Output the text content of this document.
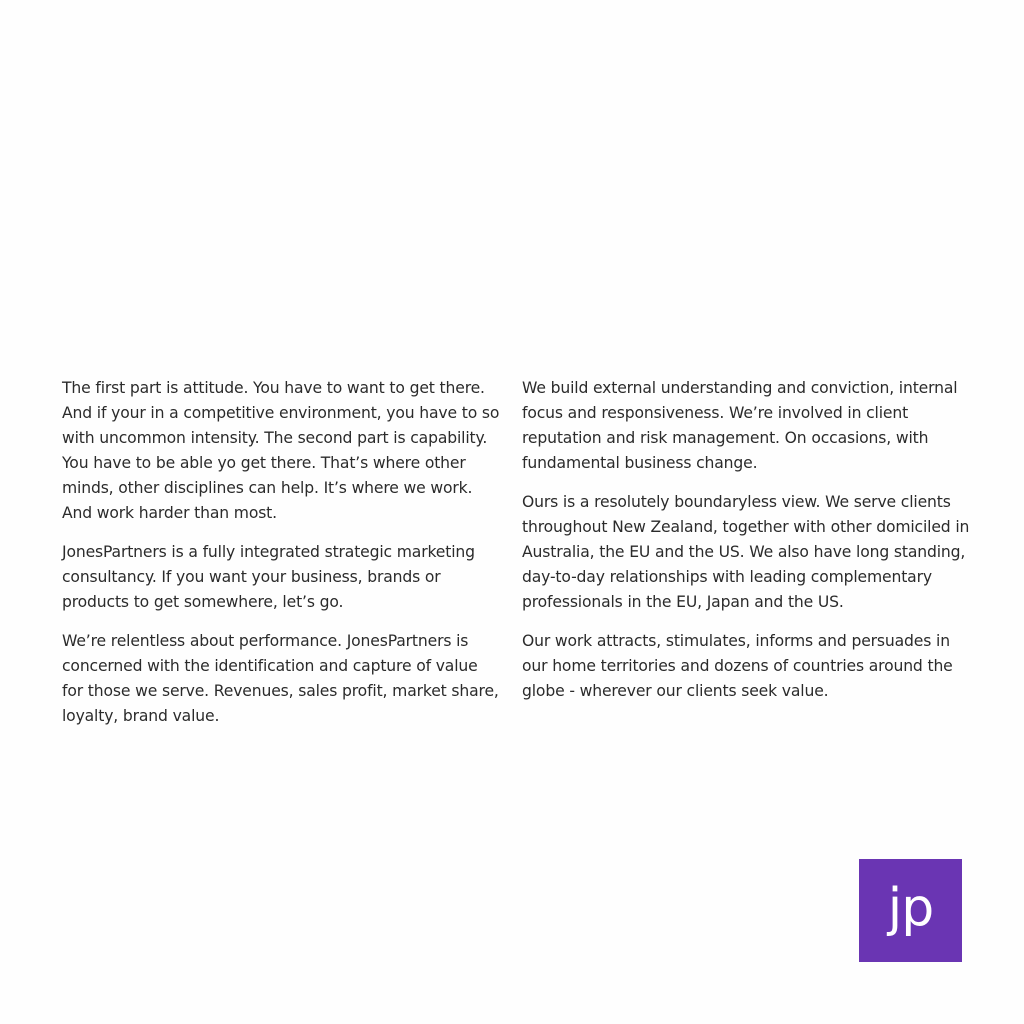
The first part is attitude. You have to want to get there. And if your in a competitive environment, you have to so with uncommon intensity. The second part is capability. You have to be able yo get there. That’s where other minds, other disciplines can help. It’s where we work. And work harder than most.

JonesPartners is a fully integrated strategic marketing consultancy. If you want your business, brands or products to get somewhere, let’s go.

We’re relentless about performance. JonesPartners is concerned with the identification and capture of value for those we serve. Revenues, sales profit, market share, loyalty, brand value.

We build external understanding and conviction, internal focus and responsiveness. We’re involved in client reputation and risk management. On occasions, with fundamental business change.

Ours is a resolutely boundaryless view. We serve clients throughout New Zealand, together with other domiciled in Australia, the EU and the US. We also have long standing, day-to-day relationships with leading complementary professionals in the EU, Japan and the US.

Our work attracts, stimulates, informs and persuades in our home territories and dozens of countries around the globe - wherever our clients seek value.

jp
